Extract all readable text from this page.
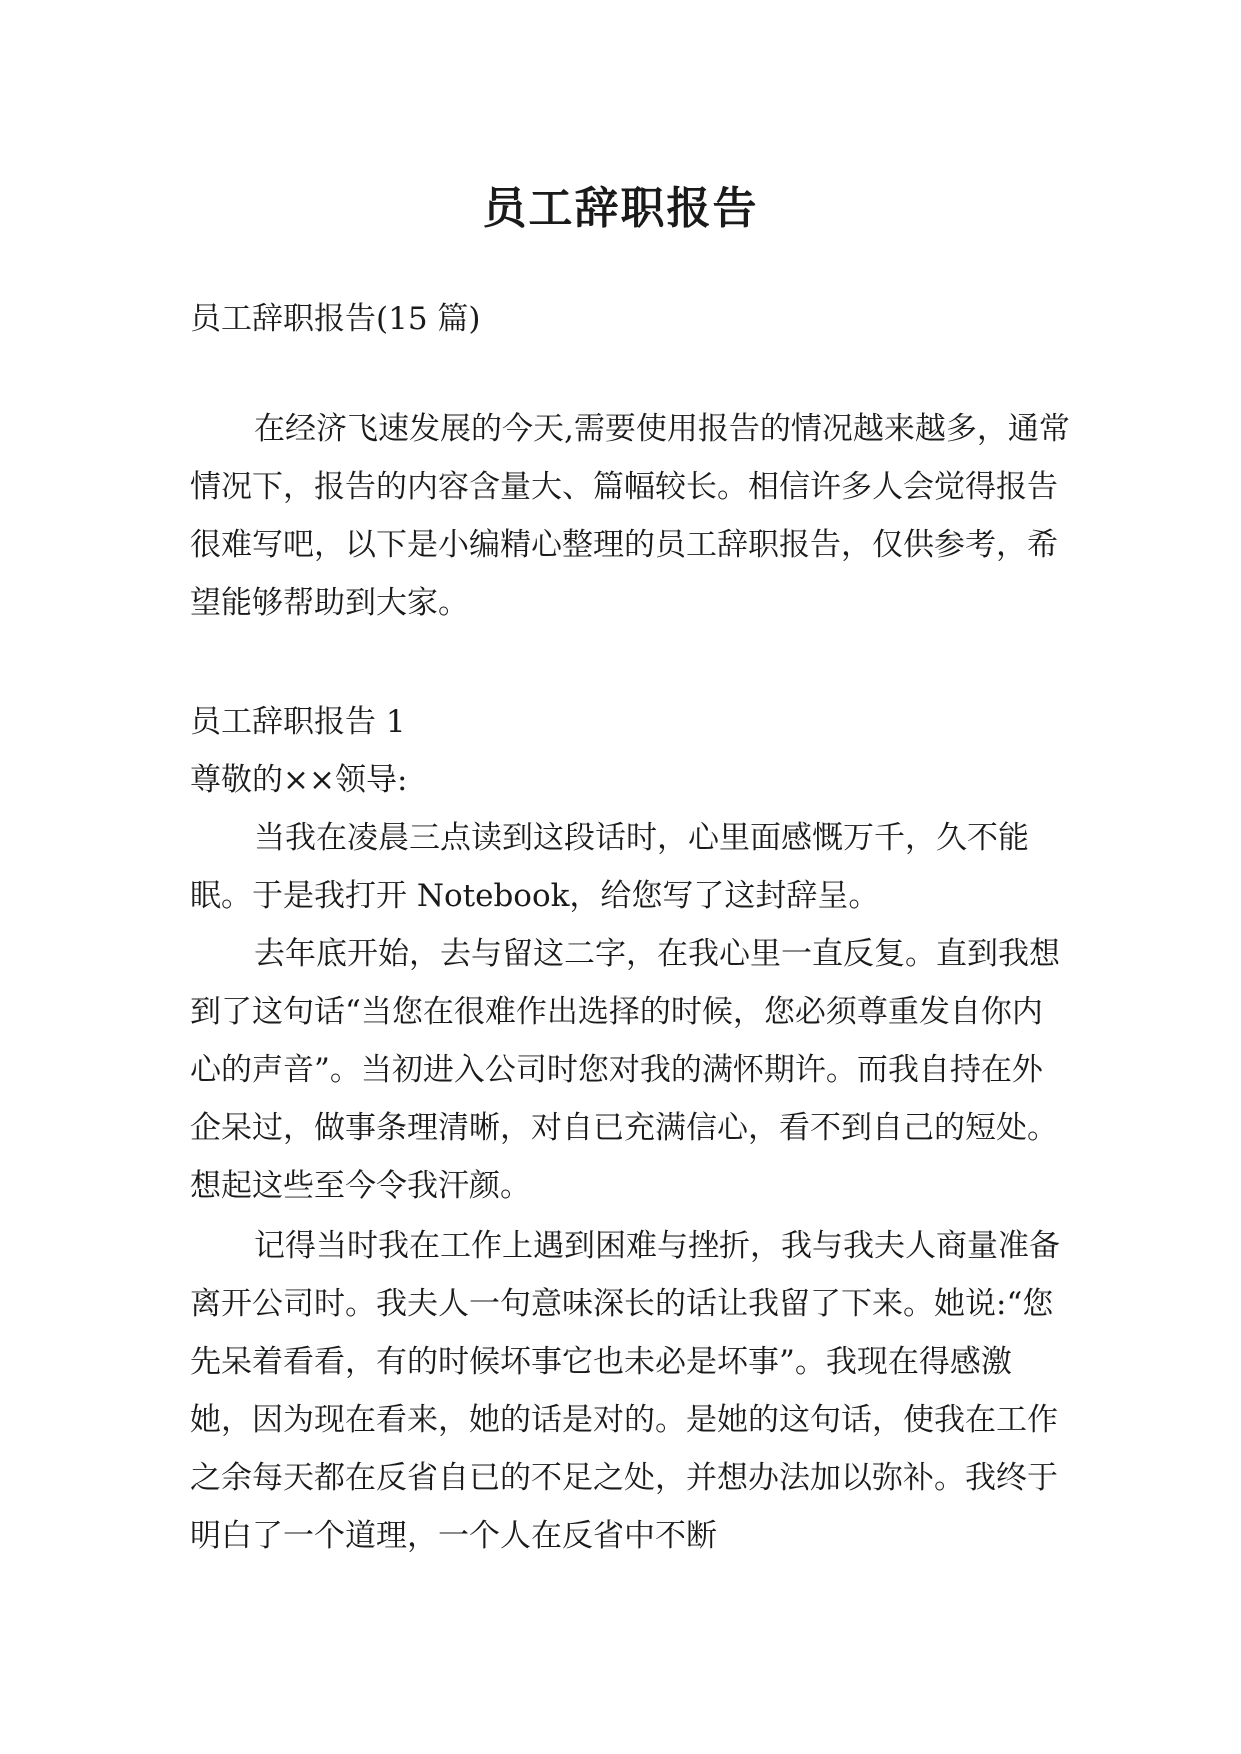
员工辞职报告

员工辞职报告(15 篇)

在经济飞速发展的今天,需要使用报告的情况越来越多，通常情况下，报告的内容含量大、篇幅较长。相信许多人会觉得报告很难写吧，以下是小编精心整理的员工辞职报告，仅供参考，希望能够帮助到大家。

员工辞职报告 1

尊敬的××领导:

当我在凌晨三点读到这段话时，心里面感慨万千，久不能眠。于是我打开 Notebook，给您写了这封辞呈。

去年底开始，去与留这二字，在我心里一直反复。直到我想到了这句话“当您在很难作出选择的时候，您必须尊重发自你内心的声音”。当初进入公司时您对我的满怀期许。而我自持在外企呆过，做事条理清晰，对自已充满信心，看不到自己的短处。想起这些至今令我汗颜。

记得当时我在工作上遇到困难与挫折，我与我夫人商量准备离开公司时。我夫人一句意味深长的话让我留了下来。她说:“您先呆着看看，有的时候坏事它也未必是坏事”。我现在得感激她，因为现在看来，她的话是对的。是她的这句话，使我在工作之余每天都在反省自已的不足之处，并想办法加以弥补。我终于明白了一个道理，一个人在反省中不断
